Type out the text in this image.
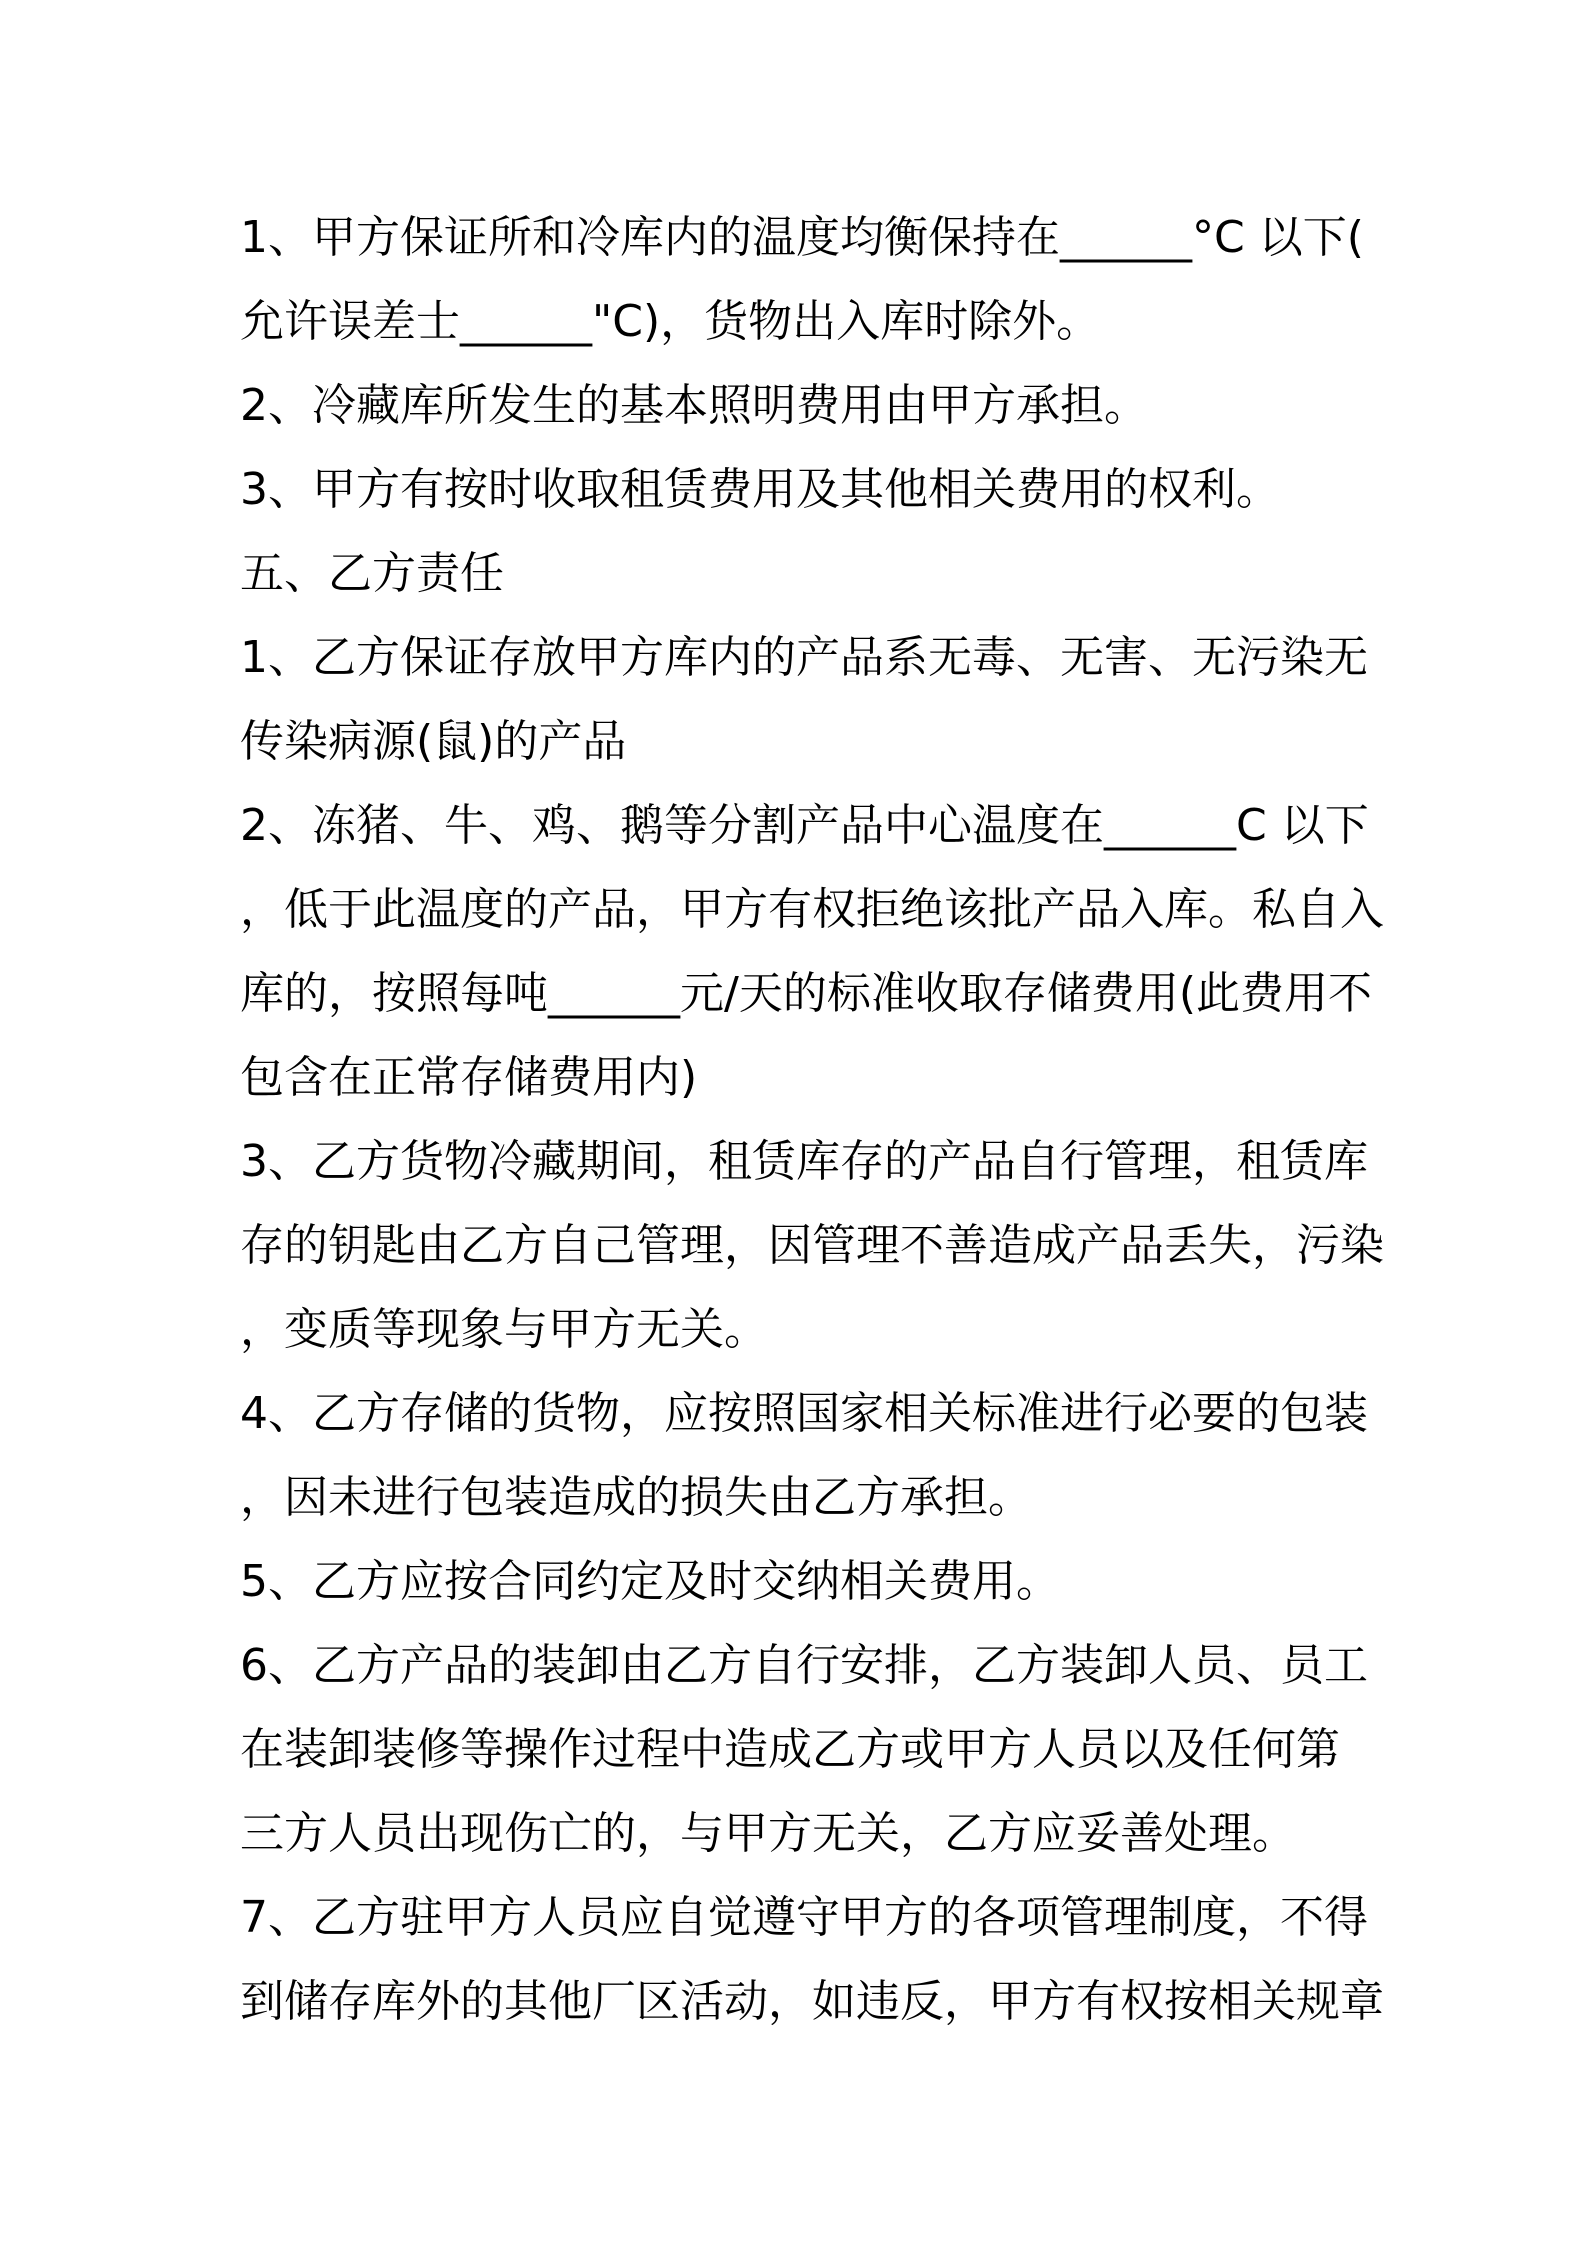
1、甲方保证所和冷库内的温度均衡保持在______°C 以下(
允许误差士______"C)，货物出入库时除外。
2、冷藏库所发生的基本照明费用由甲方承担。
3、甲方有按时收取租赁费用及其他相关费用的权利。
五、乙方责任
1、乙方保证存放甲方库内的产品系无毒、无害、无污染无
传染病源(鼠)的产品
2、冻猪、牛、鸡、鹅等分割产品中心温度在______C 以下
，低于此温度的产品，甲方有权拒绝该批产品入库。私自入
库的，按照每吨______元/天的标准收取存储费用(此费用不
包含在正常存储费用内)
3、乙方货物冷藏期间，租赁库存的产品自行管理，租赁库
存的钥匙由乙方自己管理，因管理不善造成产品丢失，污染
，变质等现象与甲方无关。
4、乙方存储的货物，应按照国家相关标准进行必要的包装
，因未进行包装造成的损失由乙方承担。
5、乙方应按合同约定及时交纳相关费用。
6、乙方产品的装卸由乙方自行安排，乙方装卸人员、员工
在装卸装修等操作过程中造成乙方或甲方人员以及任何第
三方人员出现伤亡的，与甲方无关，乙方应妥善处理。
7、乙方驻甲方人员应自觉遵守甲方的各项管理制度，不得
到储存库外的其他厂区活动，如违反，甲方有权按相关规章
